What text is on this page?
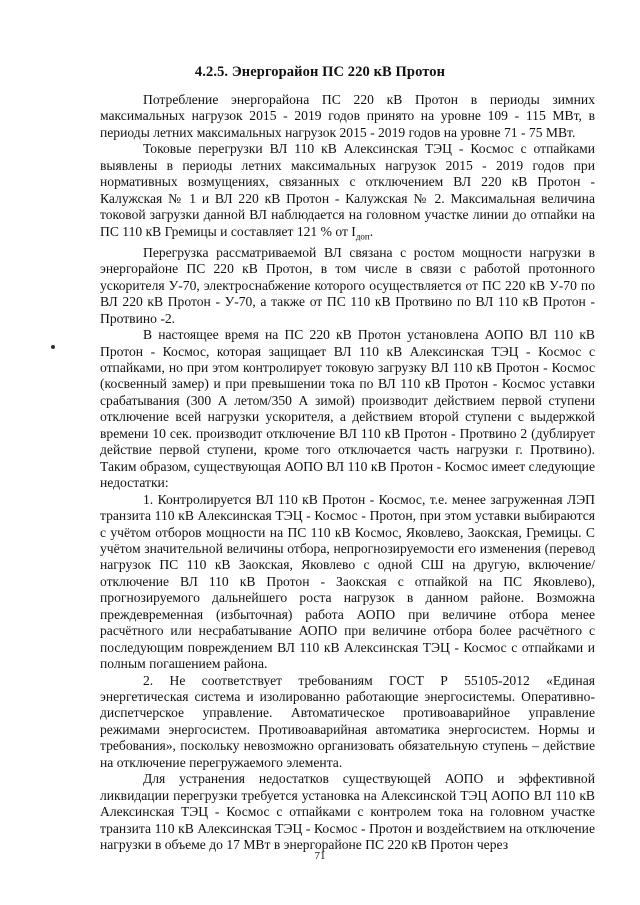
4.2.5. Энергорайон ПС 220 кВ Протон

Потребление энергорайона ПС 220 кВ Протон в периоды зимних максимальных нагрузок 2015 - 2019 годов принято на уровне 109 - 115 МВт, в периоды летних максимальных нагрузок 2015 - 2019 годов на уровне 71 - 75 МВт.

Токовые перегрузки ВЛ 110 кВ Алексинская ТЭЦ - Космос с отпайками выявлены в периоды летних максимальных нагрузок 2015 - 2019 годов при нормативных возмущениях, связанных с отключением ВЛ 220 кВ Протон - Калужская № 1 и ВЛ 220 кВ Протон - Калужская № 2. Максимальная величина токовой загрузки данной ВЛ наблюдается на головном участке линии до отпайки на ПС 110 кВ Гремицы и составляет 121 % от $I_{доп}$.

Перегрузка рассматриваемой ВЛ связана с ростом мощности нагрузки в энергорайоне ПС 220 кВ Протон, в том числе в связи с работой протонного ускорителя У-70, электроснабжение которого осуществляется от ПС 220 кВ У-70 по ВЛ 220 кВ Протон - У-70, а также от ПС 110 кВ Протвино по ВЛ 110 кВ Протон - Протвино -2.

В настоящее время на ПС 220 кВ Протон установлена АОПО ВЛ 110 кВ Протон - Космос, которая защищает ВЛ 110 кВ Алексинская ТЭЦ - Космос с отпайками, но при этом контролирует токовую загрузку ВЛ 110 кВ Протон - Космос (косвенный замер) и при превышении тока по ВЛ 110 кВ Протон - Космос уставки срабатывания (300 А летом/350 А зимой) производит действием первой ступени отключение всей нагрузки ускорителя, а действием второй ступени с выдержкой времени 10 сек. производит отключение ВЛ 110 кВ Протон - Протвино 2 (дублирует действие первой ступени, кроме того отключается часть нагрузки г. Протвино). Таким образом, существующая АОПО ВЛ 110 кВ Протон - Космос имеет следующие недостатки:

1. Контролируется ВЛ 110 кВ Протон - Космос, т.е. менее загруженная ЛЭП транзита 110 кВ Алексинская ТЭЦ - Космос - Протон, при этом уставки выбираются с учётом отборов мощности на ПС 110 кВ Космос, Яковлево, Заокская, Гремицы. С учётом значительной величины отбора, непрогнозируемости его изменения (перевод нагрузок ПС 110 кВ Заокская, Яковлево с одной СШ на другую, включение/отключение ВЛ 110 кВ Протон - Заокская с отпайкой на ПС Яковлево), прогнозируемого дальнейшего роста нагрузок в данном районе. Возможна преждевременная (избыточная) работа АОПО при величине отбора менее расчётного или несрабатывание АОПО при величине отбора более расчётного с последующим повреждением ВЛ 110 кВ Алексинская ТЭЦ - Космос с отпайками и полным погашением района.

2. Не соответствует требованиям ГОСТ Р 55105-2012 «Единая энергетическая система и изолированно работающие энергосистемы. Оперативно-диспетчерское управление. Автоматическое противоаварийное управление режимами энергосистем. Противоаварийная автоматика энергосистем. Нормы и требования», поскольку невозможно организовать обязательную ступень – действие на отключение перегружаемого элемента.

Для устранения недостатков существующей АОПО и эффективной ликвидации перегрузки требуется установка на Алексинской ТЭЦ АОПО ВЛ 110 кВ Алексинская ТЭЦ - Космос с отпайками с контролем тока на головном участке транзита 110 кВ Алексинская ТЭЦ - Космос - Протон и воздействием на отключение нагрузки в объеме до 17 МВт в энергорайоне ПС 220 кВ Протон через

71
